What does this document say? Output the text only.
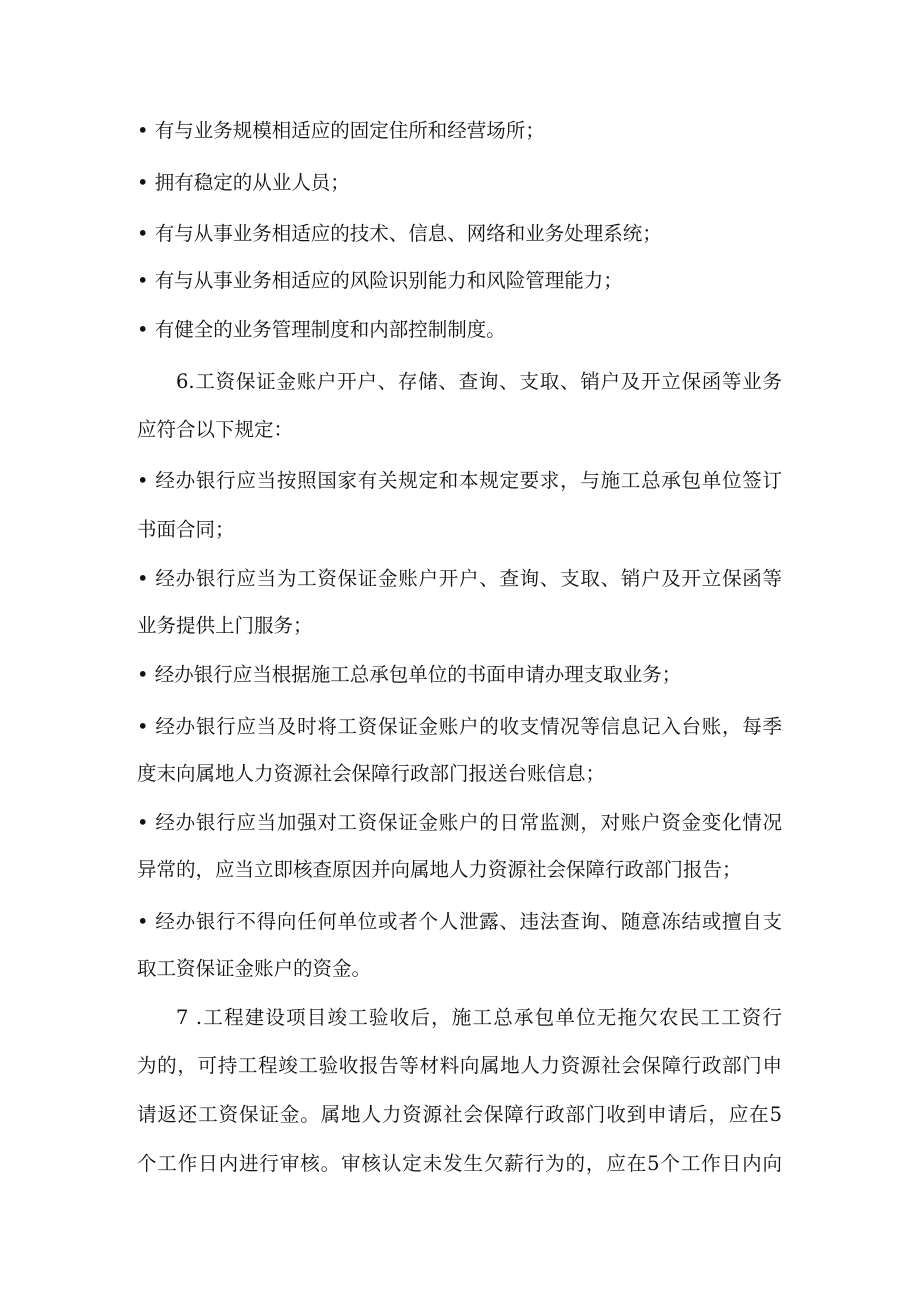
• 有与业务规模相适应的固定住所和经营场所；
• 拥有稳定的从业人员；
• 有与从事业务相适应的技术、信息、网络和业务处理系统；
• 有与从事业务相适应的风险识别能力和风险管理能力；
• 有健全的业务管理制度和内部控制制度。
6.工资保证金账户开户、存储、查询、支取、销户及开立保函等业务
应符合以下规定：
• 经办银行应当按照国家有关规定和本规定要求，与施工总承包单位签订
书面合同；
• 经办银行应当为工资保证金账户开户、查询、支取、销户及开立保函等
业务提供上门服务；
• 经办银行应当根据施工总承包单位的书面申请办理支取业务；
• 经办银行应当及时将工资保证金账户的收支情况等信息记入台账，每季
度末向属地人力资源社会保障行政部门报送台账信息；
• 经办银行应当加强对工资保证金账户的日常监测，对账户资金变化情况
异常的，应当立即核查原因并向属地人力资源社会保障行政部门报告；
• 经办银行不得向任何单位或者个人泄露、违法查询、随意冻结或擅自支
取工资保证金账户的资金。
7 .工程建设项目竣工验收后，施工总承包单位无拖欠农民工工资行
为的，可持工程竣工验收报告等材料向属地人力资源社会保障行政部门申
请返还工资保证金。属地人力资源社会保障行政部门收到申请后，应在5
个工作日内进行审核。审核认定未发生欠薪行为的，应在5个工作日内向
